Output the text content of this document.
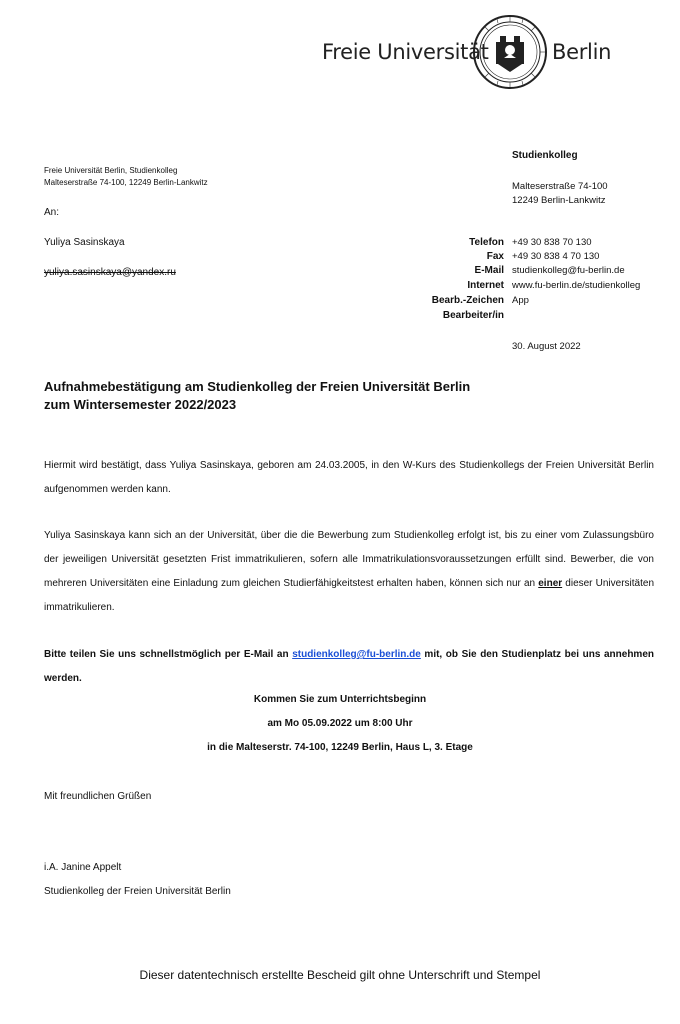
Freie Universität	Berlin
Freie Universität Berlin, Studienkolleg
Malteserstraße 74-100, 12249 Berlin-Lankwitz
An:
Yuliya Sasinskaya
yuliya.sasinskaya@yandex.ru
Studienkolleg
Malteserstraße 74-100
12249 Berlin-Lankwitz
Telefon +49 30 838 70 130
Fax +49 30 838 4 70 130
E-Mail studienkolleg@fu-berlin.de
Internet www.fu-berlin.de/studienkolleg
Bearb.-Zeichen App
Bearbeiter/in
30. August 2022
Aufnahmebestätigung am Studienkolleg der Freien Universität Berlin
zum Wintersemester 2022/2023
Hiermit wird bestätigt, dass Yuliya Sasinskaya, geboren am 24.03.2005, in den W-Kurs des Studienkollegs der Freien Universität Berlin aufgenommen werden kann.
Yuliya Sasinskaya kann sich an der Universität, über die die Bewerbung zum Studienkolleg erfolgt ist, bis zu einer vom Zulassungsbüro der jeweiligen Universität gesetzten Frist immatrikulieren, sofern alle Immatrikulationsvoraussetzungen erfüllt sind. Bewerber, die von mehreren Universitäten eine Einladung zum gleichen Studierfähigkeitstest erhalten haben, können sich nur an einer dieser Universitäten immatrikulieren.
Bitte teilen Sie uns schnellstmöglich per E-Mail an studienkolleg@fu-berlin.de mit, ob Sie den Studienplatz bei uns annehmen werden.
Kommen Sie zum Unterrichtsbeginn
am Mo 05.09.2022 um 8:00 Uhr
in die Malteserstr. 74-100, 12249 Berlin, Haus L, 3. Etage
Mit freundlichen Grüßen
i.A. Janine Appelt
Studienkolleg der Freien Universität Berlin
Dieser datentechnisch erstellte Bescheid gilt ohne Unterschrift und Stempel
